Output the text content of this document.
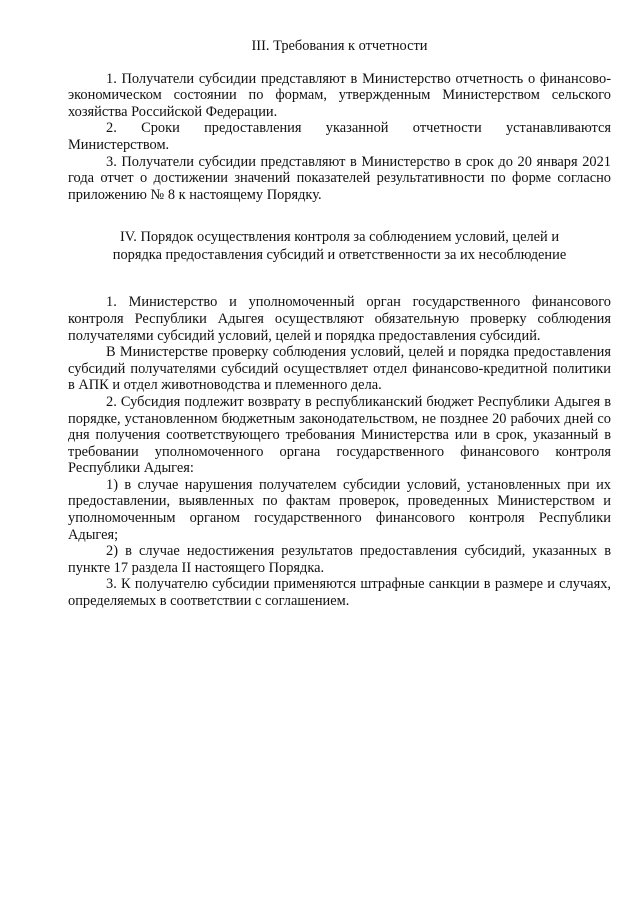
III. Требования к отчетности

1. Получатели субсидии представляют в Министерство отчетность о финансово-экономическом состоянии по формам, утвержденным Министерством сельского хозяйства Российской Федерации.

2. Сроки предоставления указанной отчетности устанавливаются Министерством.

3. Получатели субсидии представляют в Министерство в срок до 20 января 2021 года отчет о достижении значений показателей результативности по форме согласно приложению № 8 к настоящему Порядку.

IV. Порядок осуществления контроля за соблюдением условий, целей и
порядка предоставления субсидий и ответственности за их несоблюдение

1. Министерство и уполномоченный орган государственного финансового контроля Республики Адыгея осуществляют обязательную проверку соблюдения получателями субсидий условий, целей и порядка предоставления субсидий.

В Министерстве проверку соблюдения условий, целей и порядка предоставления субсидий получателями субсидий осуществляет отдел финансово-кредитной политики в АПК и отдел животноводства и племенного дела.

2. Субсидия подлежит возврату в республиканский бюджет Республики Адыгея в порядке, установленном бюджетным законодательством, не позднее 20 рабочих дней со дня получения соответствующего требования Министерства или в срок, указанный в требовании уполномоченного органа государственного финансового контроля Республики Адыгея:

1) в случае нарушения получателем субсидии условий, установленных при их предоставлении, выявленных по фактам проверок, проведенных Министерством и уполномоченным органом государственного финансового контроля Республики Адыгея;

2) в случае недостижения результатов предоставления субсидий, указанных в пункте 17 раздела II настоящего Порядка.

3. К получателю субсидии применяются штрафные санкции в размере и случаях, определяемых в соответствии с соглашением.
